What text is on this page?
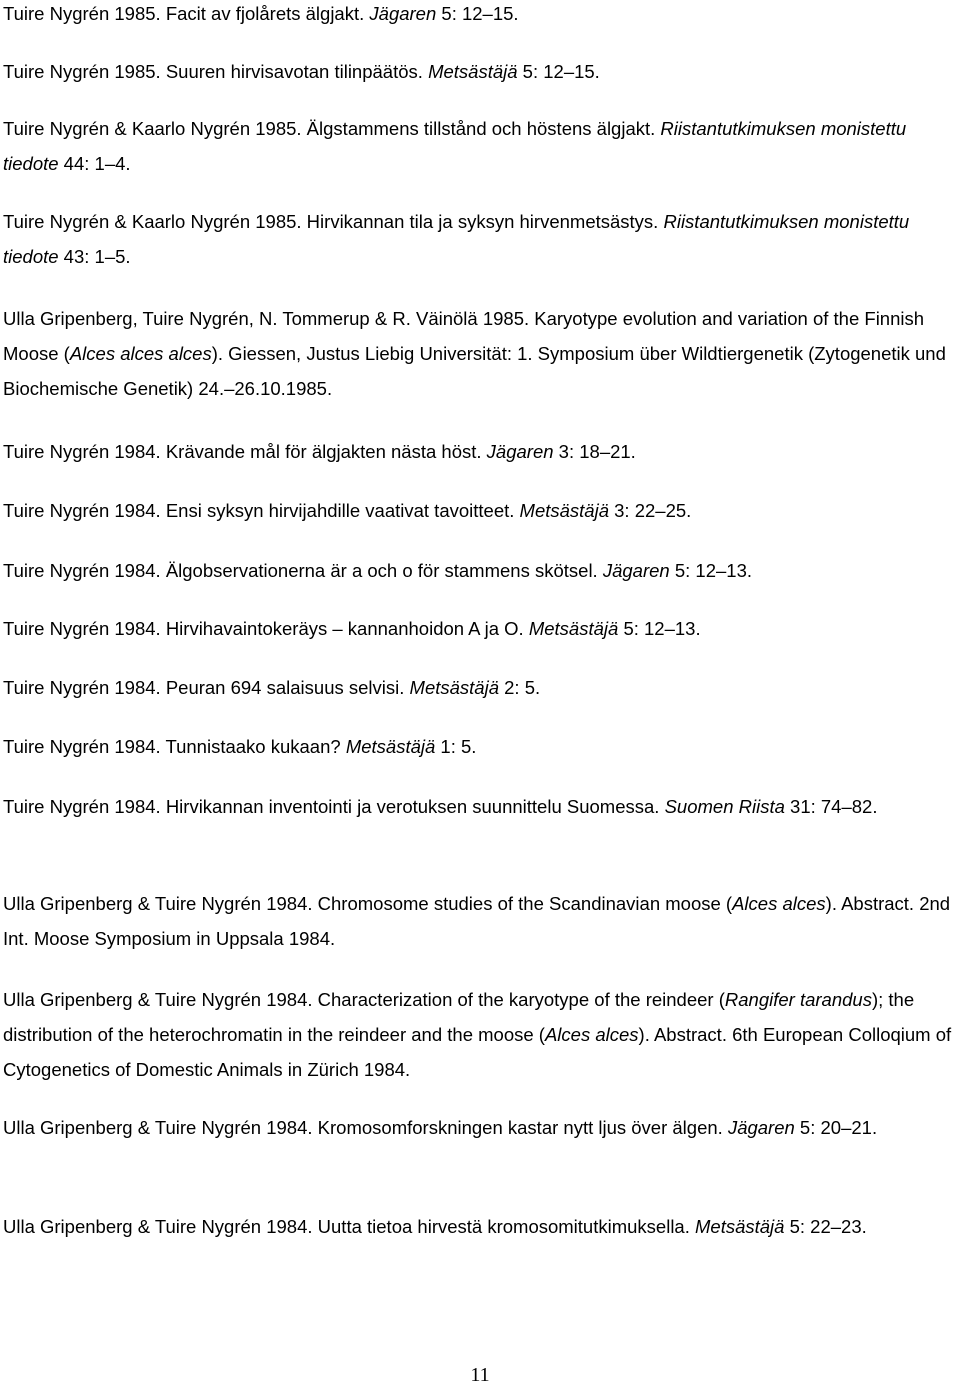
Tuire Nygrén 1985. Facit av fjolårets älgjakt. Jägaren 5: 12–15.

Tuire Nygrén 1985. Suuren hirvisavotan tilinpäätös. Metsästäjä 5: 12–15.

Tuire Nygrén & Kaarlo Nygrén 1985. Älgstammens tillstånd och höstens älgjakt. Riistantutkimuksen monistettu tiedote 44: 1–4.

Tuire Nygrén & Kaarlo Nygrén 1985. Hirvikannan tila ja syksyn hirvenmetsästys. Riistantutkimuksen monistettu tiedote 43: 1–5.

Ulla Gripenberg, Tuire Nygrén, N. Tommerup & R. Väinölä 1985. Karyotype evolution and variation of the Finnish Moose (Alces alces alces). Giessen, Justus Liebig Universität: 1. Symposium über Wildtiergenetik (Zytogenetik und Biochemische Genetik) 24.–26.10.1985.

Tuire Nygrén 1984. Krävande mål för älgjakten nästa höst. Jägaren 3: 18–21.

Tuire Nygrén 1984. Ensi syksyn hirvijahdille vaativat tavoitteet. Metsästäjä 3: 22–25.

Tuire Nygrén 1984. Älgobservationerna är a och o för stammens skötsel. Jägaren 5: 12–13.

Tuire Nygrén 1984. Hirvihavaintokeräys – kannanhoidon A ja O. Metsästäjä 5: 12–13.

Tuire Nygrén 1984. Peuran 694 salaisuus selvisi. Metsästäjä 2: 5.

Tuire Nygrén 1984. Tunnistaako kukaan? Metsästäjä 1: 5.

Tuire Nygrén 1984. Hirvikannan inventointi ja verotuksen suunnittelu Suomessa. Suomen Riista 31: 74–82.

Ulla Gripenberg & Tuire Nygrén 1984. Chromosome studies of the Scandinavian moose (Alces alces). Abstract. 2nd Int. Moose Symposium in Uppsala 1984.

Ulla Gripenberg & Tuire Nygrén 1984. Characterization of the karyotype of the reindeer (Rangifer tarandus); the distribution of the heterochromatin in the reindeer and the moose (Alces alces). Abstract. 6th European Colloqium of Cytogenetics of Domestic Animals in Zürich 1984.

Ulla Gripenberg & Tuire Nygrén 1984. Kromosomforskningen kastar nytt ljus över älgen. Jägaren 5: 20–21.

Ulla Gripenberg & Tuire Nygrén 1984. Uutta tietoa hirvestä kromosomitutkimuksella. Metsästäjä 5: 22–23.

11
